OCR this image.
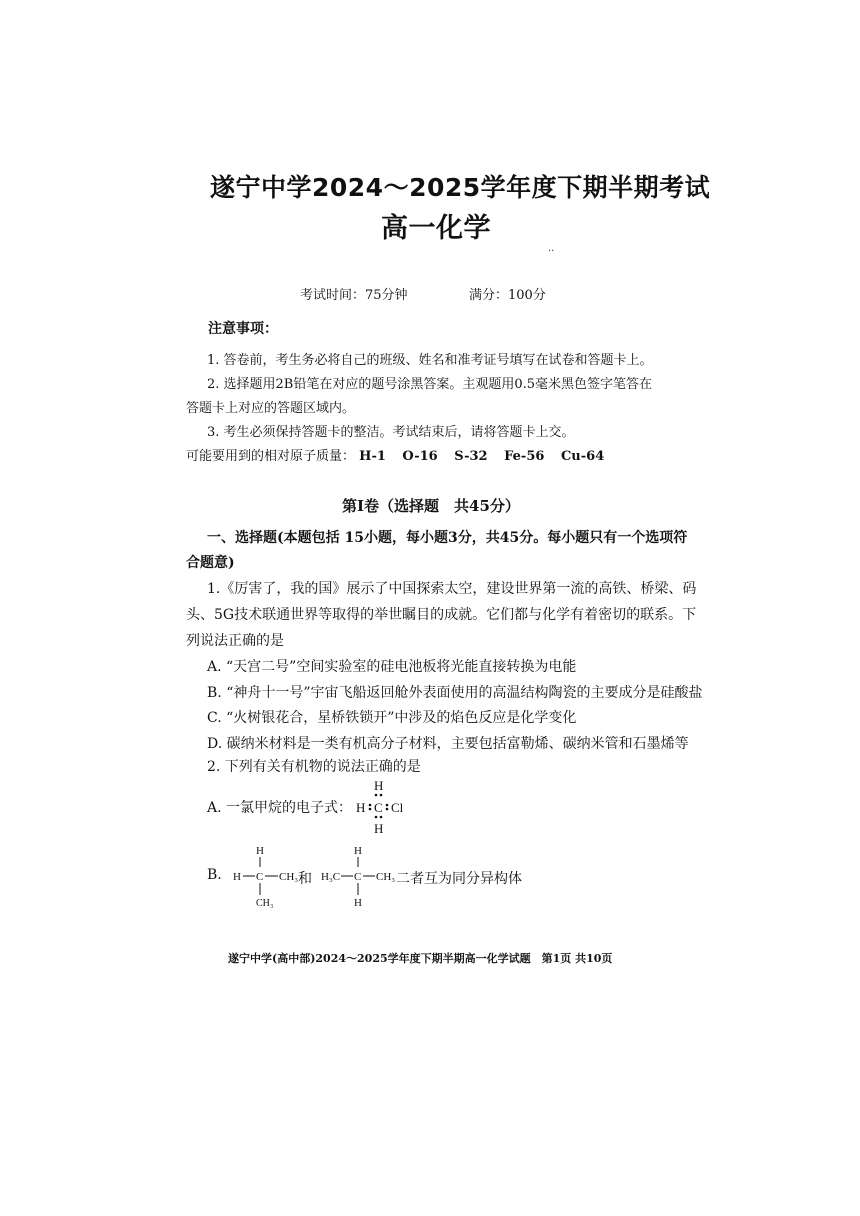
遂宁中学2024～2025学年度下期半期考试
高一化学
··
考试时间：75分钟	满分：100分
注意事项：
1. 答卷前，考生务必将自己的班级、姓名和准考证号填写在试卷和答题卡上。
2. 选择题用2B铅笔在对应的题号涂黑答案。主观题用0.5毫米黑色签字笔答在
答题卡上对应的答题区域内。
3. 考生必须保持答题卡的整洁。考试结束后，请将答题卡上交。
可能要用到的相对原子质量： H-1 O-16 S-32 Fe-56 Cu-64
第Ⅰ卷（选择题　共45分）
一、选择题(本题包括 15小题，每小题3分，共45分。每小题只有一个选项符
合题意)
1.《厉害了，我的国》展示了中国探索太空，建设世界第一流的高铁、桥梁、码
头、5G技术联通世界等取得的举世瞩目的成就。它们都与化学有着密切的联系。下
列说法正确的是
A. “天宫二号”空间实验室的硅电池板将光能直接转换为电能
B. “神舟十一号”宇宙飞船返回舱外表面使用的高温结构陶瓷的主要成分是硅酸盐
C. “火树银花合，星桥铁锁开”中涉及的焰色反应是化学变化
D. 碳纳米材料是一类有机高分子材料，主要包括富勒烯、碳纳米管和石墨烯等
2. 下列有关有机物的说法正确的是
A. 一氯甲烷的电子式：
H
H C Cl
H
B.
H
H C CH₃
CH₃
和
H
H₃C C CH₃
H
二者互为同分异构体
遂宁中学(高中部)2024～2025学年度下期半期高一化学试题　第1页 共10页
